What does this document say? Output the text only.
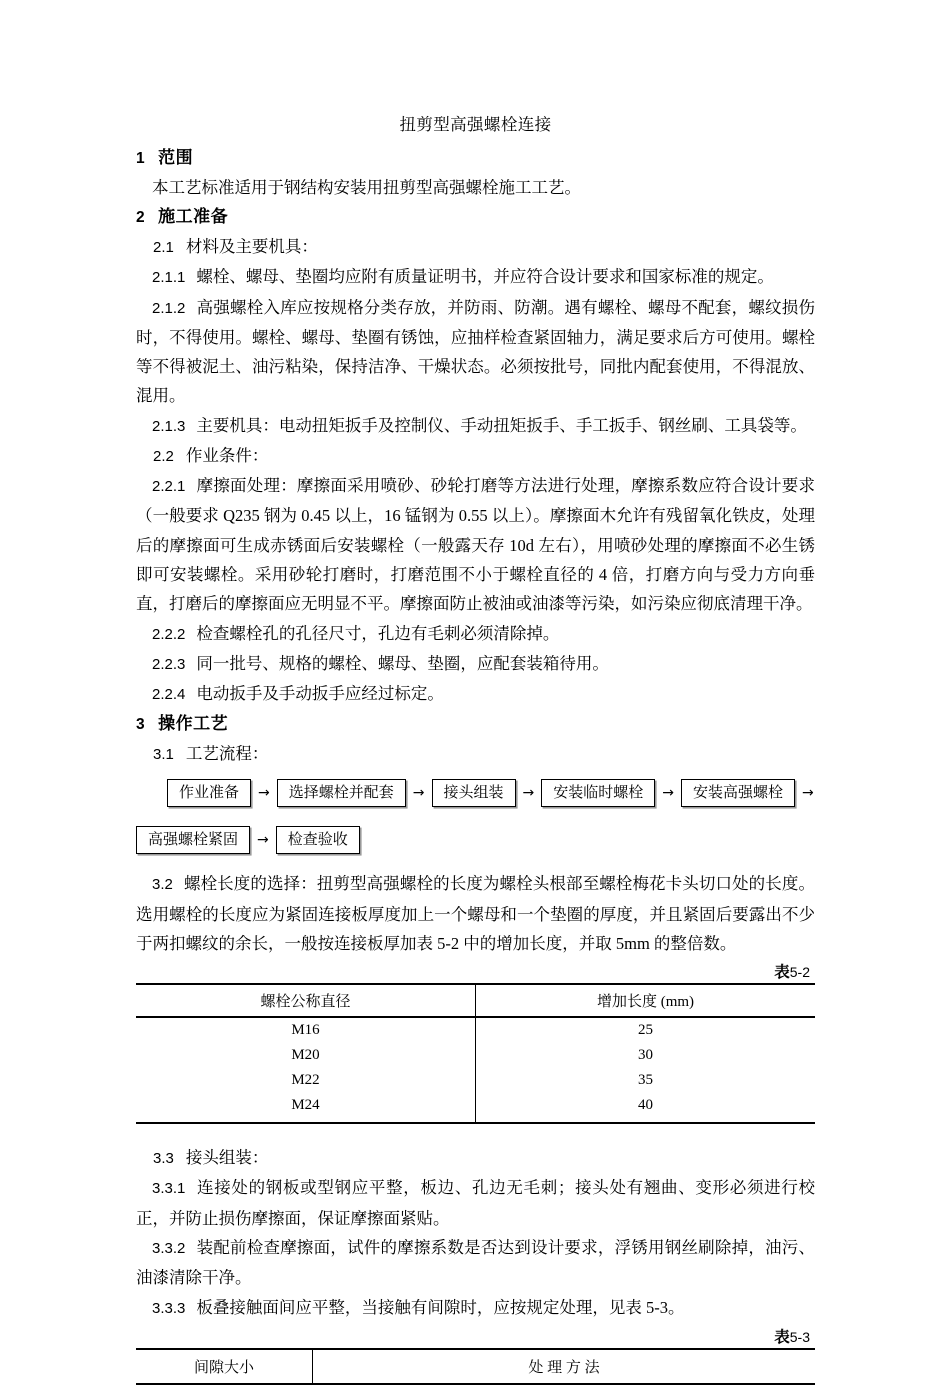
扭剪型高强螺栓连接
1 范围
本工艺标准适用于钢结构安装用扭剪型高强螺栓施工工艺。
2 施工准备
2.1 材料及主要机具：
2.1.1 螺栓、螺母、垫圈均应附有质量证明书，并应符合设计要求和国家标准的规定。
2.1.2 高强螺栓入库应按规格分类存放，并防雨、防潮。遇有螺栓、螺母不配套，螺纹损伤时，不得使用。螺栓、螺母、垫圈有锈蚀，应抽样检查紧固轴力，满足要求后方可使用。螺栓等不得被泥土、油污粘染，保持洁净、干燥状态。必须按批号，同批内配套使用，不得混放、混用。
2.1.3 主要机具：电动扭矩扳手及控制仪、手动扭矩扳手、手工扳手、钢丝刷、工具袋等。
2.2 作业条件：
2.2.1 摩擦面处理：摩擦面采用喷砂、砂轮打磨等方法进行处理，摩擦系数应符合设计要求（一般要求 Q235 钢为 0.45 以上，16 锰钢为 0.55 以上）。摩擦面木允许有残留氧化铁皮，处理后的摩擦面可生成赤锈面后安装螺栓（一般露天存 10d 左右），用喷砂处理的摩擦面不必生锈即可安装螺栓。采用砂轮打磨时，打磨范围不小于螺栓直径的 4 倍，打磨方向与受力方向垂直，打磨后的摩擦面应无明显不平。摩擦面防止被油或油漆等污染，如污染应彻底清理干净。
2.2.2 检查螺栓孔的孔径尺寸，孔边有毛刺必须清除掉。
2.2.3 同一批号、规格的螺栓、螺母、垫圈，应配套装箱待用。
2.2.4 电动扳手及手动扳手应经过标定。
3 操作工艺
3.1 工艺流程：
作业准备	→	选择螺栓并配套	→	接头组装	→	安装临时螺栓	→	安装高强螺栓	→
高强螺栓紧固	→	检查验收
3.2 螺栓长度的选择：扭剪型高强螺栓的长度为螺栓头根部至螺栓梅花卡头切口处的长度。选用螺栓的长度应为紧固连接板厚度加上一个螺母和一个垫圈的厚度，并且紧固后要露出不少于两扣螺纹的余长，一般按连接板厚加表 5-2 中的增加长度，并取 5mm 的整倍数。
表5-2
螺栓公称直径	增加长度 (mm)
M16	25
M20	30
M22	35
M24	40
3.3 接头组装：
3.3.1 连接处的钢板或型钢应平整，板边、孔边无毛刺；接头处有翘曲、变形必须进行校正，并防止损伤摩擦面，保证摩擦面紧贴。
3.3.2 装配前检查摩擦面，试件的摩擦系数是否达到设计要求，浮锈用钢丝刷除掉，油污、油漆清除干净。
3.3.3 板叠接触面间应平整，当接触有间隙时，应按规定处理，见表 5-3。
表5-3
间隙大小	处 理 方 法
